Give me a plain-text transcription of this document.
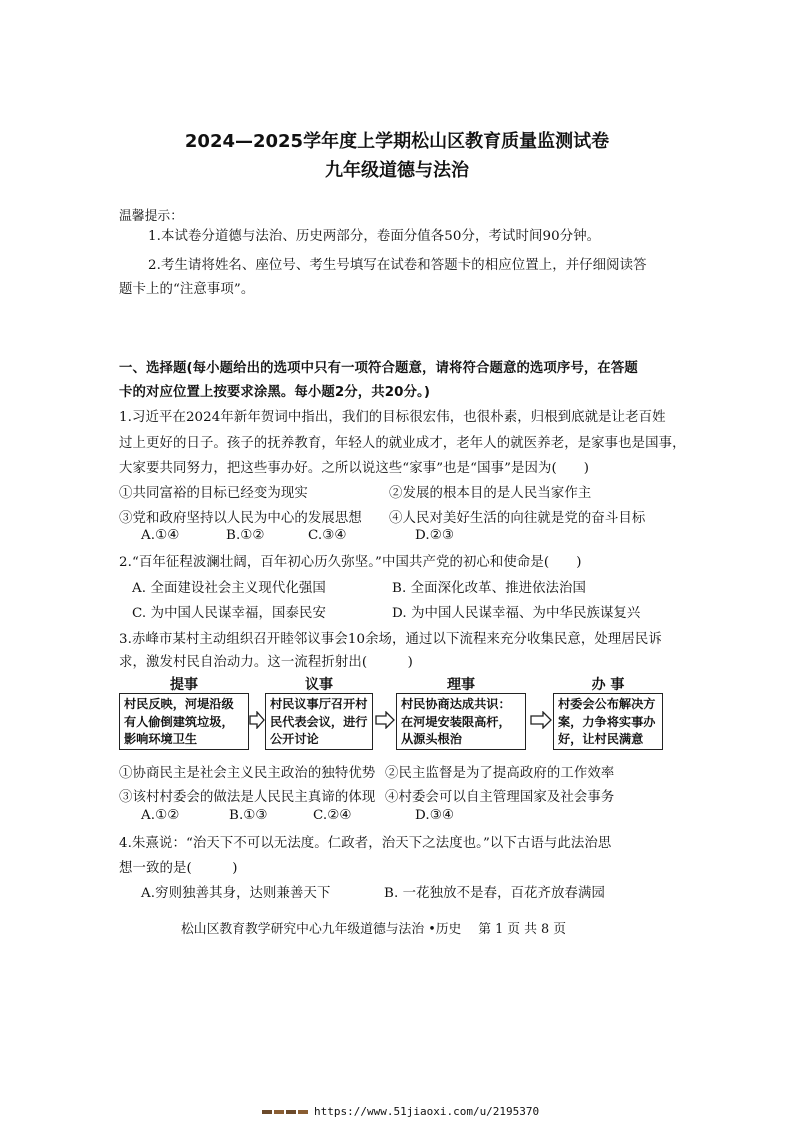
2024—2025学年度上学期松山区教育质量监测试卷
九年级道德与法治
温馨提示：
1.本试卷分道德与法治、历史两部分，卷面分值各50分，考试时间90分钟。
2.考生请将姓名、座位号、考生号填写在试卷和答题卡的相应位置上，并仔细阅读答
题卡上的“注意事项”。
一、选择题(每小题给出的选项中只有一项符合题意，请将符合题意的选项序号，在答题
卡的对应位置上按要求涂黑。每小题2分，共20分。)
1.习近平在2024年新年贺词中指出，我们的目标很宏伟，也很朴素，归根到底就是让老百姓
过上更好的日子。孩子的抚养教育，年轻人的就业成才，老年人的就医养老，是家事也是国事，
大家要共同努力，把这些事办好。之所以说这些“家事”也是“国事”是因为(　　)
①共同富裕的目标已经变为现实	②发展的根本目的是人民当家作主
③党和政府坚持以人民为中心的发展思想 ④人民对美好生活的向往就是党的奋斗目标
A.①④	B.①②	C.③④	D.②③
2.“百年征程波澜壮阔，百年初心历久弥坚。”中国共产党的初心和使命是(　　)
A. 全面建设社会主义现代化强国	B. 全面深化改革、推进依法治国
C. 为中国人民谋幸福，国泰民安	D. 为中国人民谋幸福、为中华民族谋复兴
3.赤峰市某村主动组织召开睦邻议事会10余场，通过以下流程来充分收集民意，处理居民诉
求，激发村民自治动力。这一流程折射出(　　　)
提事	议事	理事	办 事
村民反映，河堤沿级有人偷倒建筑垃圾，影响环境卫生
村民议事厅召开村民代表会议，进行公开讨论
村民协商达成共识：在河堤安装限高杆，从源头根治
村委会公布解决方案，力争将实事办好，让村民满意
①协商民主是社会主义民主政治的独特优势 ②民主监督是为了提高政府的工作效率
③该村村委会的做法是人民民主真谛的体现 ④村委会可以自主管理国家及社会事务
A.①②	B.①③	C.②④	D.③④
4.朱熹说：“治天下不可以无法度。仁政者，治天下之法度也。”以下古语与此法治思
想一致的是(　　　)
A.穷则独善其身，达则兼善天下	B. 一花独放不是春，百花齐放春满园
松山区教育教学研究中心九年级道德与法治 •历史　 第 1 页 共 8 页
https://www.51jiaoxi.com/u/2195370
